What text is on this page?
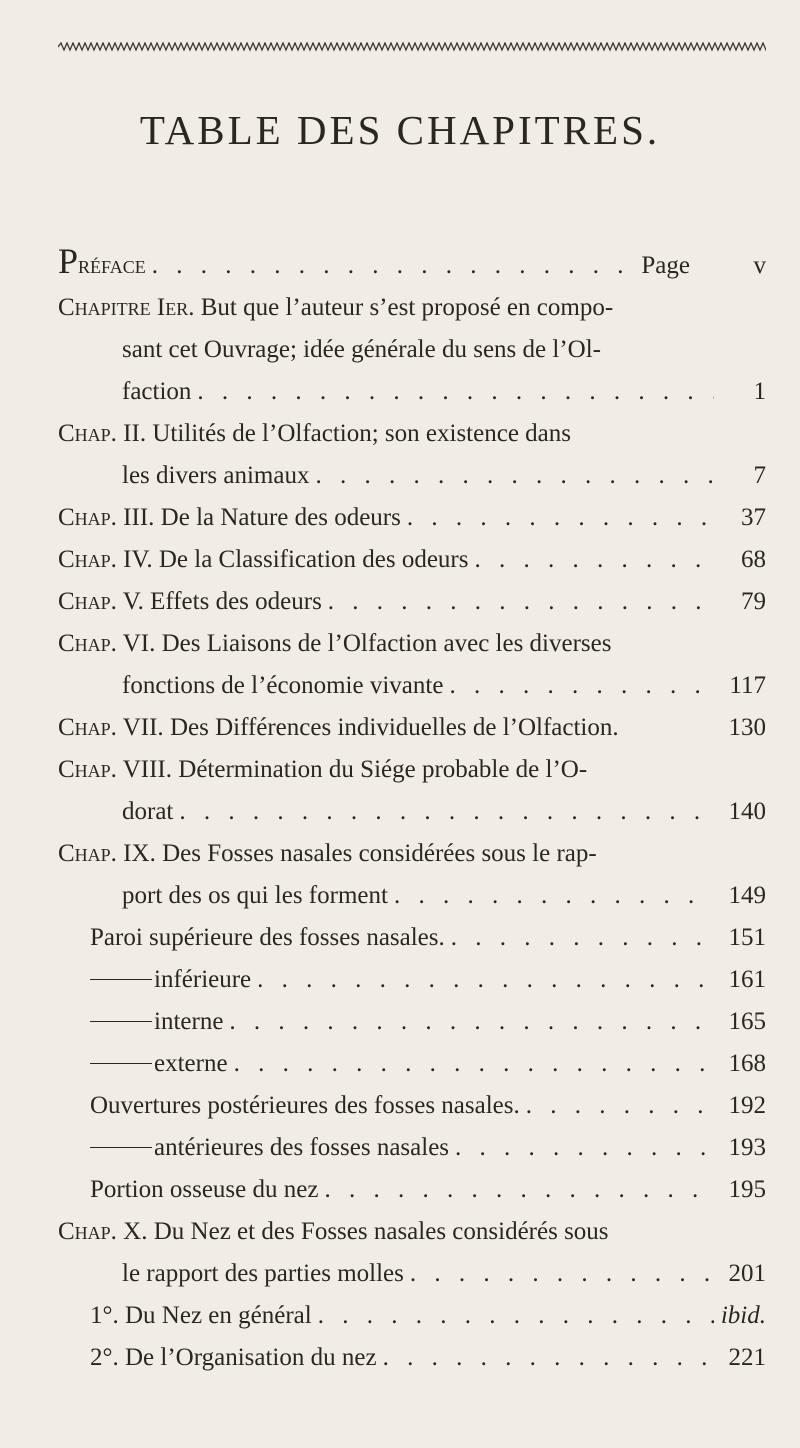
TABLE DES CHAPITRES.
Préface . . .	Page	v
Chapitre Ier. But que l’auteur s’est proposé en compo-
sant cet Ouvrage; idée générale du sens de l’Ol-
faction . . .	1
Chap. II. Utilités de l’Olfaction; son existence dans
les divers animaux . . .	7
Chap. III. De la Nature des odeurs . . .	37
Chap. IV. De la Classification des odeurs . . .	68
Chap. V. Effets des odeurs . . .	79
Chap. VI. Des Liaisons de l’Olfaction avec les diverses
fonctions de l’économie vivante . . .	117
Chap. VII. Des Différences individuelles de l’Olfaction.	130
Chap. VIII. Détermination du Siége probable de l’O-
dorat . . .	140
Chap. IX. Des Fosses nasales considérées sous le rap-
port des os qui les forment . . .	149
Paroi supérieure des fosses nasales. . . .	151
inférieure . . .	161
interne . . .	165
externe . . .	168
Ouvertures postérieures des fosses nasales. . . .	192
antérieures des fosses nasales . . .	193
Portion osseuse du nez . . .	195
Chap. X. Du Nez et des Fosses nasales considérés sous
le rapport des parties molles . . .	201
1°. Du Nez en général . . .	ibid.
2°. De l’Organisation du nez . . .	221
